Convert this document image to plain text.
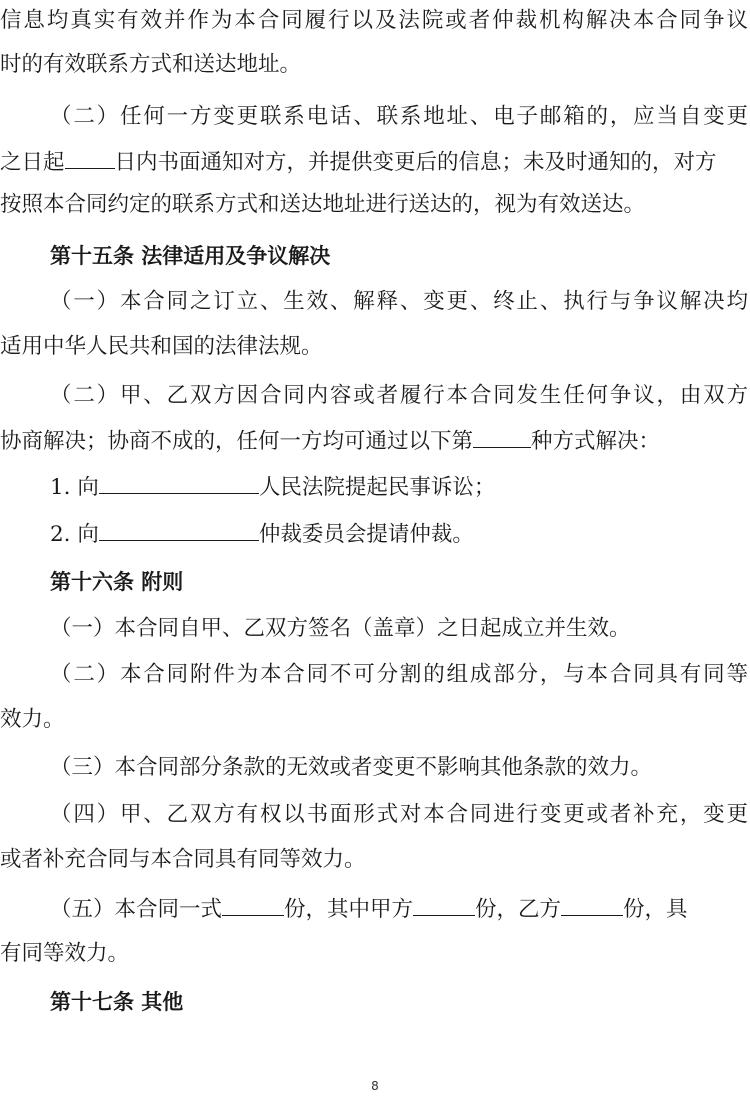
信息均真实有效并作为本合同履行以及法院或者仲裁机构解决本合同争议

时的有效联系方式和送达地址。

（二）任何一方变更联系电话、联系地址、电子邮箱的，应当自变更

之日起 日内书面通知对方，并提供变更后的信息；未及时通知的，对方

按照本合同约定的联系方式和送达地址进行送达的，视为有效送达。

第十五条 法律适用及争议解决

（一）本合同之订立、生效、解释、变更、终止、执行与争议解决均

适用中华人民共和国的法律法规。

（二）甲、乙双方因合同内容或者履行本合同发生任何争议，由双方

协商解决；协商不成的，任何一方均可通过以下第	种方式解决：

1. 向	人民法院提起民事诉讼；

2. 向	仲裁委员会提请仲裁。

第十六条 附则

（一）本合同自甲、乙双方签名（盖章）之日起成立并生效。

（二）本合同附件为本合同不可分割的组成部分，与本合同具有同等

效力。

（三）本合同部分条款的无效或者变更不影响其他条款的效力。

（四）甲、乙双方有权以书面形式对本合同进行变更或者补充，变更

或者补充合同与本合同具有同等效力。

（五）本合同一式	份，其中甲方	份，乙方	份，具

有同等效力。

第十七条 其他

8
